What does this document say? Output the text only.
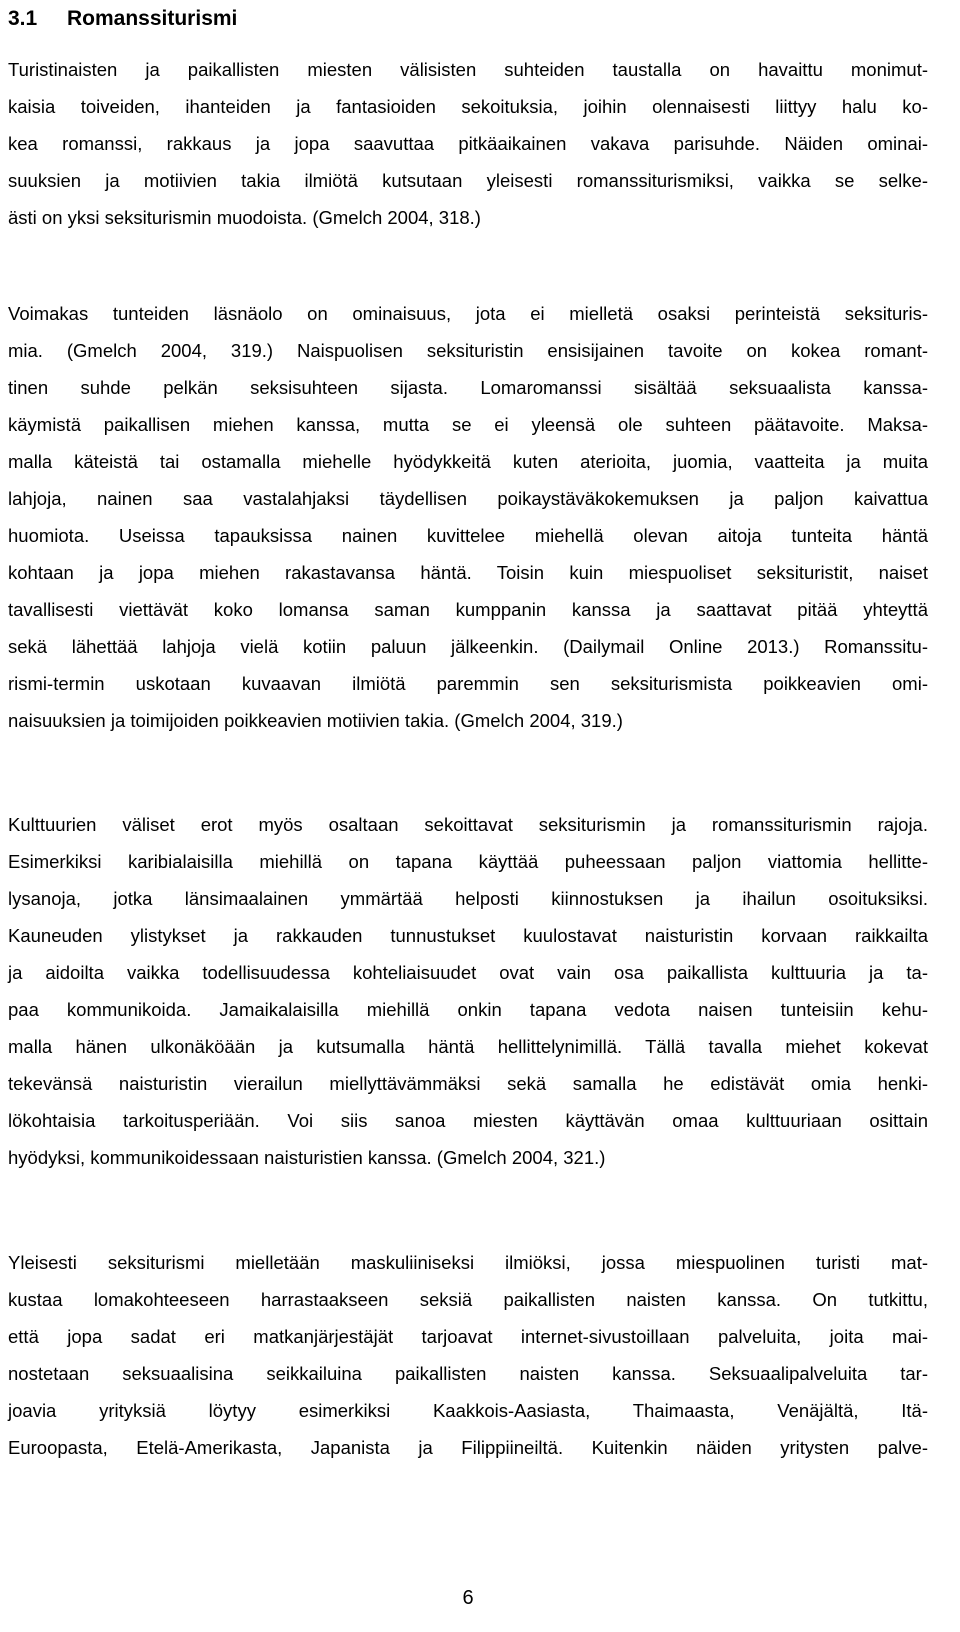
3.1	Romanssiturismi

Turistinaisten ja paikallisten miesten välisisten suhteiden taustalla on havaittu monimut-
kaisia toiveiden, ihanteiden ja fantasioiden sekoituksia, joihin olennaisesti liittyy halu ko-
kea romanssi, rakkaus ja jopa saavuttaa pitkäaikainen vakava parisuhde. Näiden ominai-
suuksien ja motiivien takia ilmiötä kutsutaan yleisesti romanssiturismiksi, vaikka se selke-
ästi on yksi seksiturismin muodoista. (Gmelch 2004, 318.)

Voimakas tunteiden läsnäolo on ominaisuus, jota ei mielletä osaksi perinteistä seksituris-
mia. (Gmelch 2004, 319.) Naispuolisen seksituristin ensisijainen tavoite on kokea romant-
tinen suhde pelkän seksisuhteen sijasta. Lomaromanssi sisältää seksuaalista kanssa-
käymistä paikallisen miehen kanssa, mutta se ei yleensä ole suhteen päätavoite. Maksa-
malla käteistä tai ostamalla miehelle hyödykkeitä kuten aterioita, juomia, vaatteita ja muita
lahjoja, nainen saa vastalahjaksi täydellisen poikaystäväkokemuksen ja paljon kaivattua
huomiota. Useissa tapauksissa nainen kuvittelee miehellä olevan aitoja tunteita häntä
kohtaan ja jopa miehen rakastavansa häntä. Toisin kuin miespuoliset seksituristit, naiset
tavallisesti viettävät koko lomansa saman kumppanin kanssa ja saattavat pitää yhteyttä
sekä lähettää lahjoja vielä kotiin paluun jälkeenkin. (Dailymail Online 2013.) Romanssitu-
rismi-termin uskotaan kuvaavan ilmiötä paremmin sen seksiturismista poikkeavien omi-
naisuuksien ja toimijoiden poikkeavien motiivien takia. (Gmelch 2004, 319.)

Kulttuurien väliset erot myös osaltaan sekoittavat seksiturismin ja romanssiturismin rajoja.
Esimerkiksi karibialaisilla miehillä on tapana käyttää puheessaan paljon viattomia hellitte-
lysanoja, jotka länsimaalainen ymmärtää helposti kiinnostuksen ja ihailun osoituksiksi.
Kauneuden ylistykset ja rakkauden tunnustukset kuulostavat naisturistin korvaan raikkailta
ja aidoilta vaikka todellisuudessa kohteliaisuudet ovat vain osa paikallista kulttuuria ja ta-
paa kommunikoida. Jamaikalaisilla miehillä onkin tapana vedota naisen tunteisiin kehu-
malla hänen ulkonäköään ja kutsumalla häntä hellittelynimillä. Tällä tavalla miehet kokevat
tekevänsä naisturistin vierailun miellyttävämmäksi sekä samalla he edistävät omia henki-
lökohtaisia tarkoitusperiään. Voi siis sanoa miesten käyttävän omaa kulttuuriaan osittain
hyödyksi, kommunikoidessaan naisturistien kanssa. (Gmelch 2004, 321.)

Yleisesti seksiturismi mielletään maskuliiniseksi ilmiöksi, jossa miespuolinen turisti mat-
kustaa lomakohteeseen harrastaakseen seksiä paikallisten naisten kanssa. On tutkittu,
että jopa sadat eri matkanjärjestäjät tarjoavat internet-sivustoillaan palveluita, joita mai-
nostetaan seksuaalisina seikkailuina paikallisten naisten kanssa. Seksuaalipalveluita tar-
joavia yrityksiä löytyy esimerkiksi Kaakkois-Aasiasta, Thaimaasta, Venäjältä, Itä-
Euroopasta, Etelä-Amerikasta, Japanista ja Filippiineiltä. Kuitenkin näiden yritysten palve-

6
